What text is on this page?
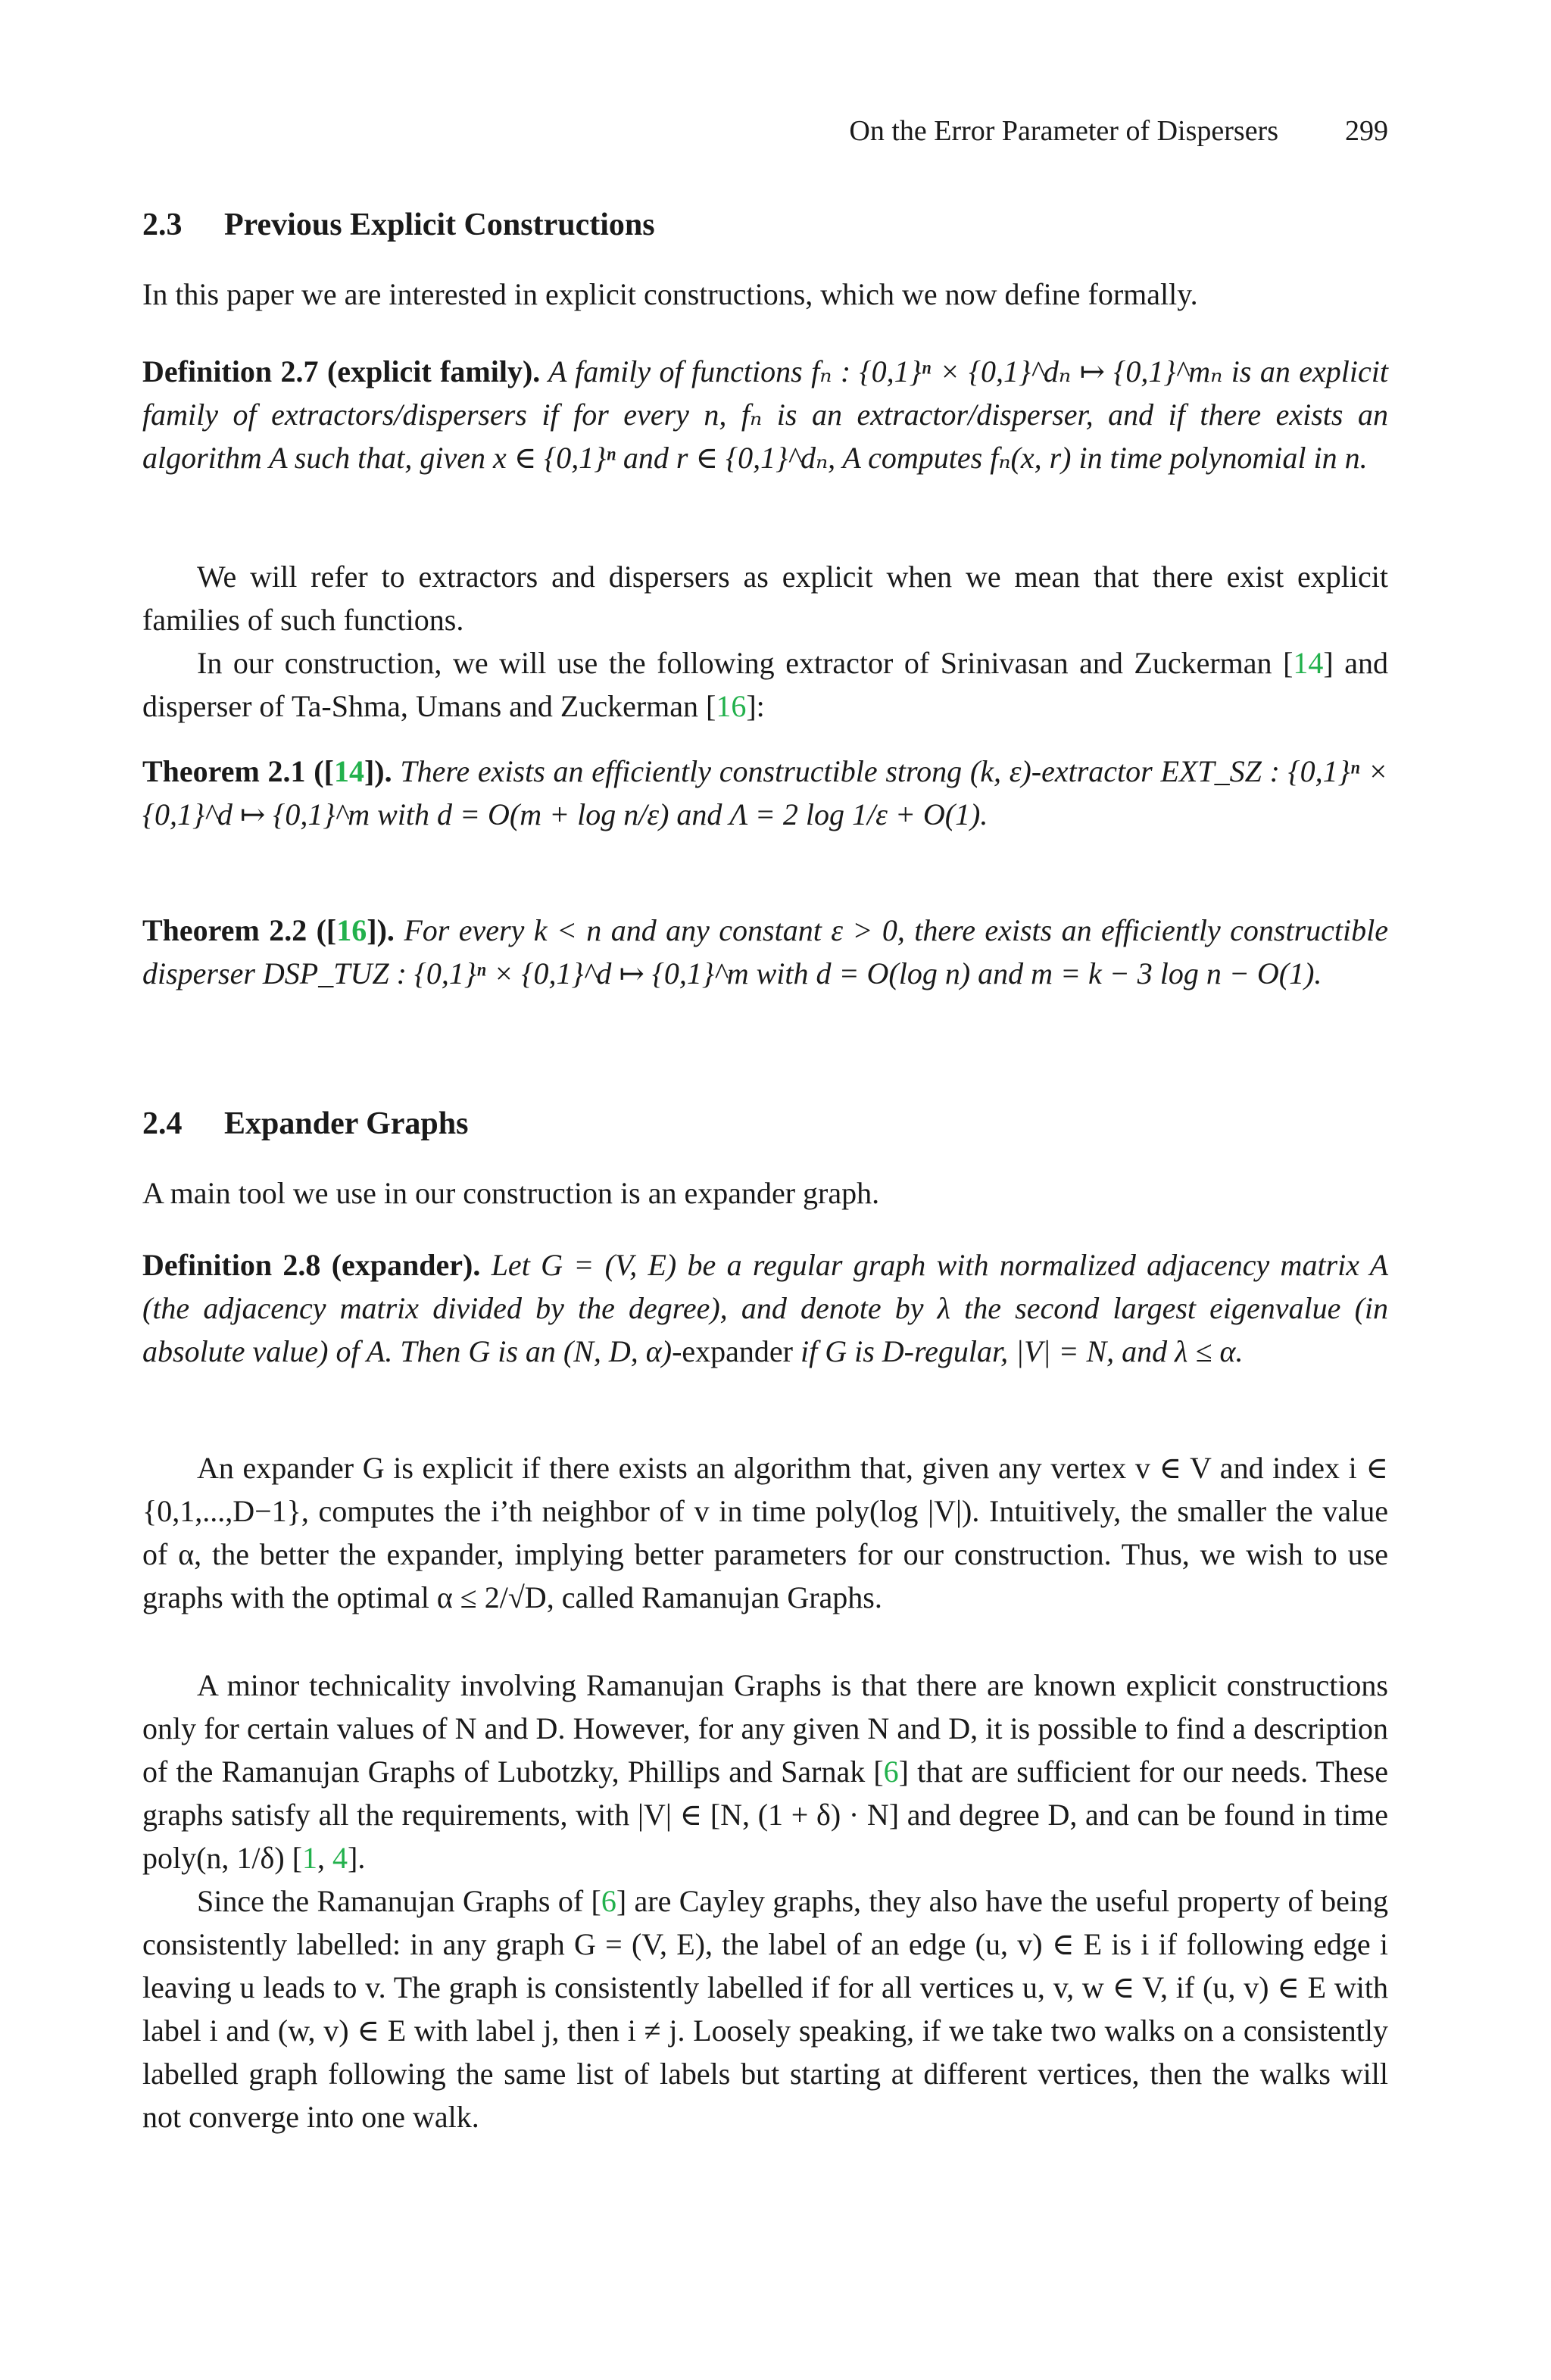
On the Error Parameter of Dispersers 299
2.3 Previous Explicit Constructions

In this paper we are interested in explicit constructions, which we now define formally.

Definition 2.7 (explicit family). A family of functions fₙ : {0,1}ⁿ × {0,1}^dₙ ↦ {0,1}^mₙ is an explicit family of extractors/dispersers if for every n, fₙ is an extractor/disperser, and if there exists an algorithm A such that, given x ∈ {0,1}ⁿ and r ∈ {0,1}^dₙ, A computes fₙ(x, r) in time polynomial in n.

We will refer to extractors and dispersers as explicit when we mean that there exist explicit families of such functions.

In our construction, we will use the following extractor of Srinivasan and Zuckerman [14] and disperser of Ta-Shma, Umans and Zuckerman [16]:

Theorem 2.1 ([14]). There exists an efficiently constructible strong (k, ε)-extractor EXT_SZ : {0,1}ⁿ × {0,1}^d ↦ {0,1}^m with d = O(m + log n/ε) and Λ = 2 log 1/ε + O(1).

Theorem 2.2 ([16]). For every k < n and any constant ε > 0, there exists an efficiently constructible disperser DSP_TUZ : {0,1}ⁿ × {0,1}^d ↦ {0,1}^m with d = O(log n) and m = k − 3 log n − O(1).

2.4 Expander Graphs

A main tool we use in our construction is an expander graph.

Definition 2.8 (expander). Let G = (V, E) be a regular graph with normalized adjacency matrix A (the adjacency matrix divided by the degree), and denote by λ the second largest eigenvalue (in absolute value) of A. Then G is an (N, D, α)-expander if G is D-regular, |V| = N, and λ ≤ α.

An expander G is explicit if there exists an algorithm that, given any vertex v ∈ V and index i ∈ {0,1,...,D−1}, computes the i’th neighbor of v in time poly(log |V|). Intuitively, the smaller the value of α, the better the expander, implying better parameters for our construction. Thus, we wish to use graphs with the optimal α ≤ 2/√D, called Ramanujan Graphs.

A minor technicality involving Ramanujan Graphs is that there are known explicit constructions only for certain values of N and D. However, for any given N and D, it is possible to find a description of the Ramanujan Graphs of Lubotzky, Phillips and Sarnak [6] that are sufficient for our needs. These graphs satisfy all the requirements, with |V| ∈ [N, (1 + δ) · N] and degree D, and can be found in time poly(n, 1/δ) [1, 4].

Since the Ramanujan Graphs of [6] are Cayley graphs, they also have the useful property of being consistently labelled: in any graph G = (V, E), the label of an edge (u, v) ∈ E is i if following edge i leaving u leads to v. The graph is consistently labelled if for all vertices u, v, w ∈ V, if (u, v) ∈ E with label i and (w, v) ∈ E with label j, then i ≠ j. Loosely speaking, if we take two walks on a consistently labelled graph following the same list of labels but starting at different vertices, then the walks will not converge into one walk.
